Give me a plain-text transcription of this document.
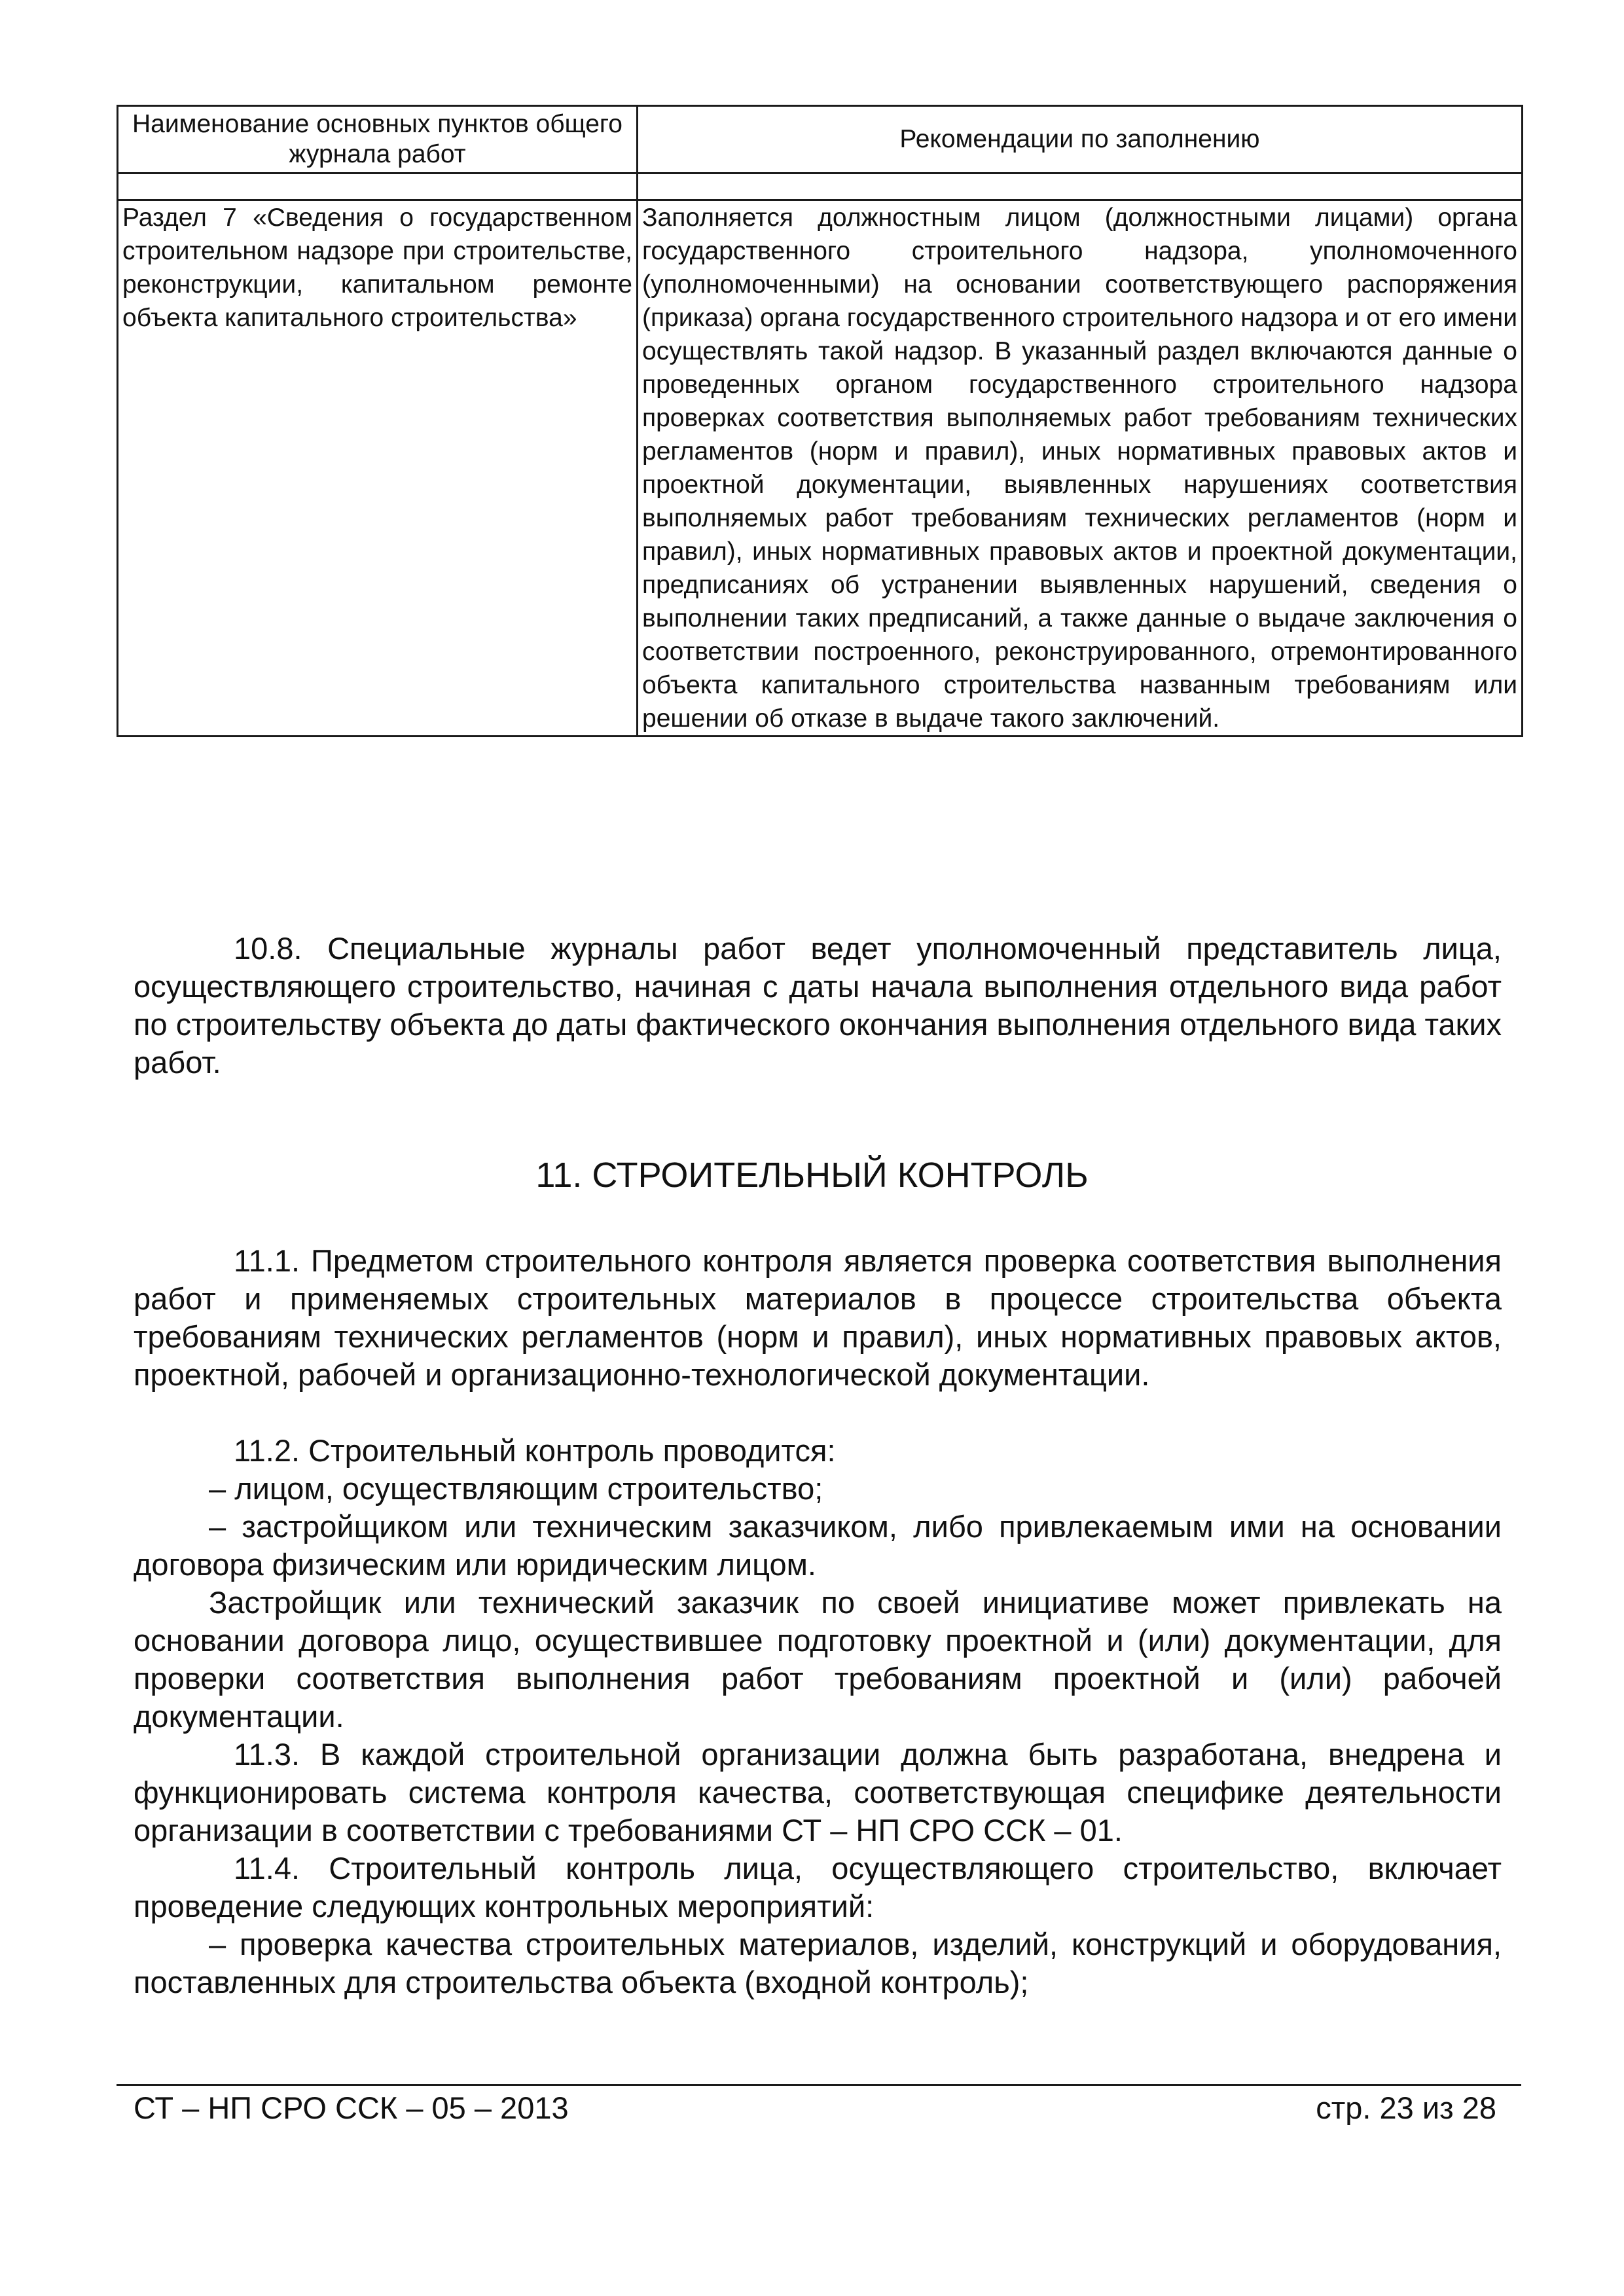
Наименование основных пунктов общего журнала работ	Рекомендации по заполнению

Раздел 7 «Сведения о государственном строительном надзоре при строительстве, реконструкции, капитальном ремонте объекта капитального строительства»	Заполняется должностным лицом (должностными лицами) органа государственного строительного надзора, уполномоченного (уполномоченными) на основании соответствующего распоряжения (приказа) органа государственного строительного надзора и от его имени осуществлять такой надзор. В указанный раздел включаются данные о проведенных органом государственного строительного надзора проверках соответствия выполняемых работ требованиям технических регламентов (норм и правил), иных нормативных правовых актов и проектной документации, выявленных нарушениях соответствия выполняемых работ требованиям технических регламентов (норм и правил), иных нормативных правовых актов и проектной документации, предписаниях об устранении выявленных нарушений, сведения о выполнении таких предписаний, а также данные о выдаче заключения о соответствии построенного, реконструированного, отремонтированного объекта капитального строительства названным требованиям или решении об отказе в выдаче такого заключений.

10.8. Специальные журналы работ ведет уполномоченный представитель лица, осуществляющего строительство, начиная с даты начала выполнения отдельного вида работ по строительству объекта до даты фактического окончания выполнения отдельного вида таких работ.

11. СТРОИТЕЛЬНЫЙ КОНТРОЛЬ

11.1. Предметом строительного контроля является проверка соответствия выполнения работ и применяемых строительных материалов в процессе строительства объекта требованиям технических регламентов (норм и правил), иных нормативных правовых актов, проектной, рабочей и организационно-технологической документации.

11.2. Строительный контроль проводится:

– лицом, осуществляющим строительство;

– застройщиком или техническим заказчиком, либо привлекаемым ими на основании договора физическим или юридическим лицом.

Застройщик или технический заказчик по своей инициативе может привлекать на основании договора лицо, осуществившее подготовку проектной и (или) документации, для проверки соответствия выполнения работ требованиям проектной и (или) рабочей документации.

11.3. В каждой строительной организации должна быть разработана, внедрена и функционировать система контроля качества, соответствующая специфике деятельности организации в соответствии с требованиями СТ – НП СРО ССК – 01.

11.4. Строительный контроль лица, осуществляющего строительство, включает проведение следующих контрольных мероприятий:

– проверка качества строительных материалов, изделий, конструкций и оборудования, поставленных для строительства объекта (входной контроль);

СТ – НП СРО ССК – 05 – 2013	стр. 23 из 28
